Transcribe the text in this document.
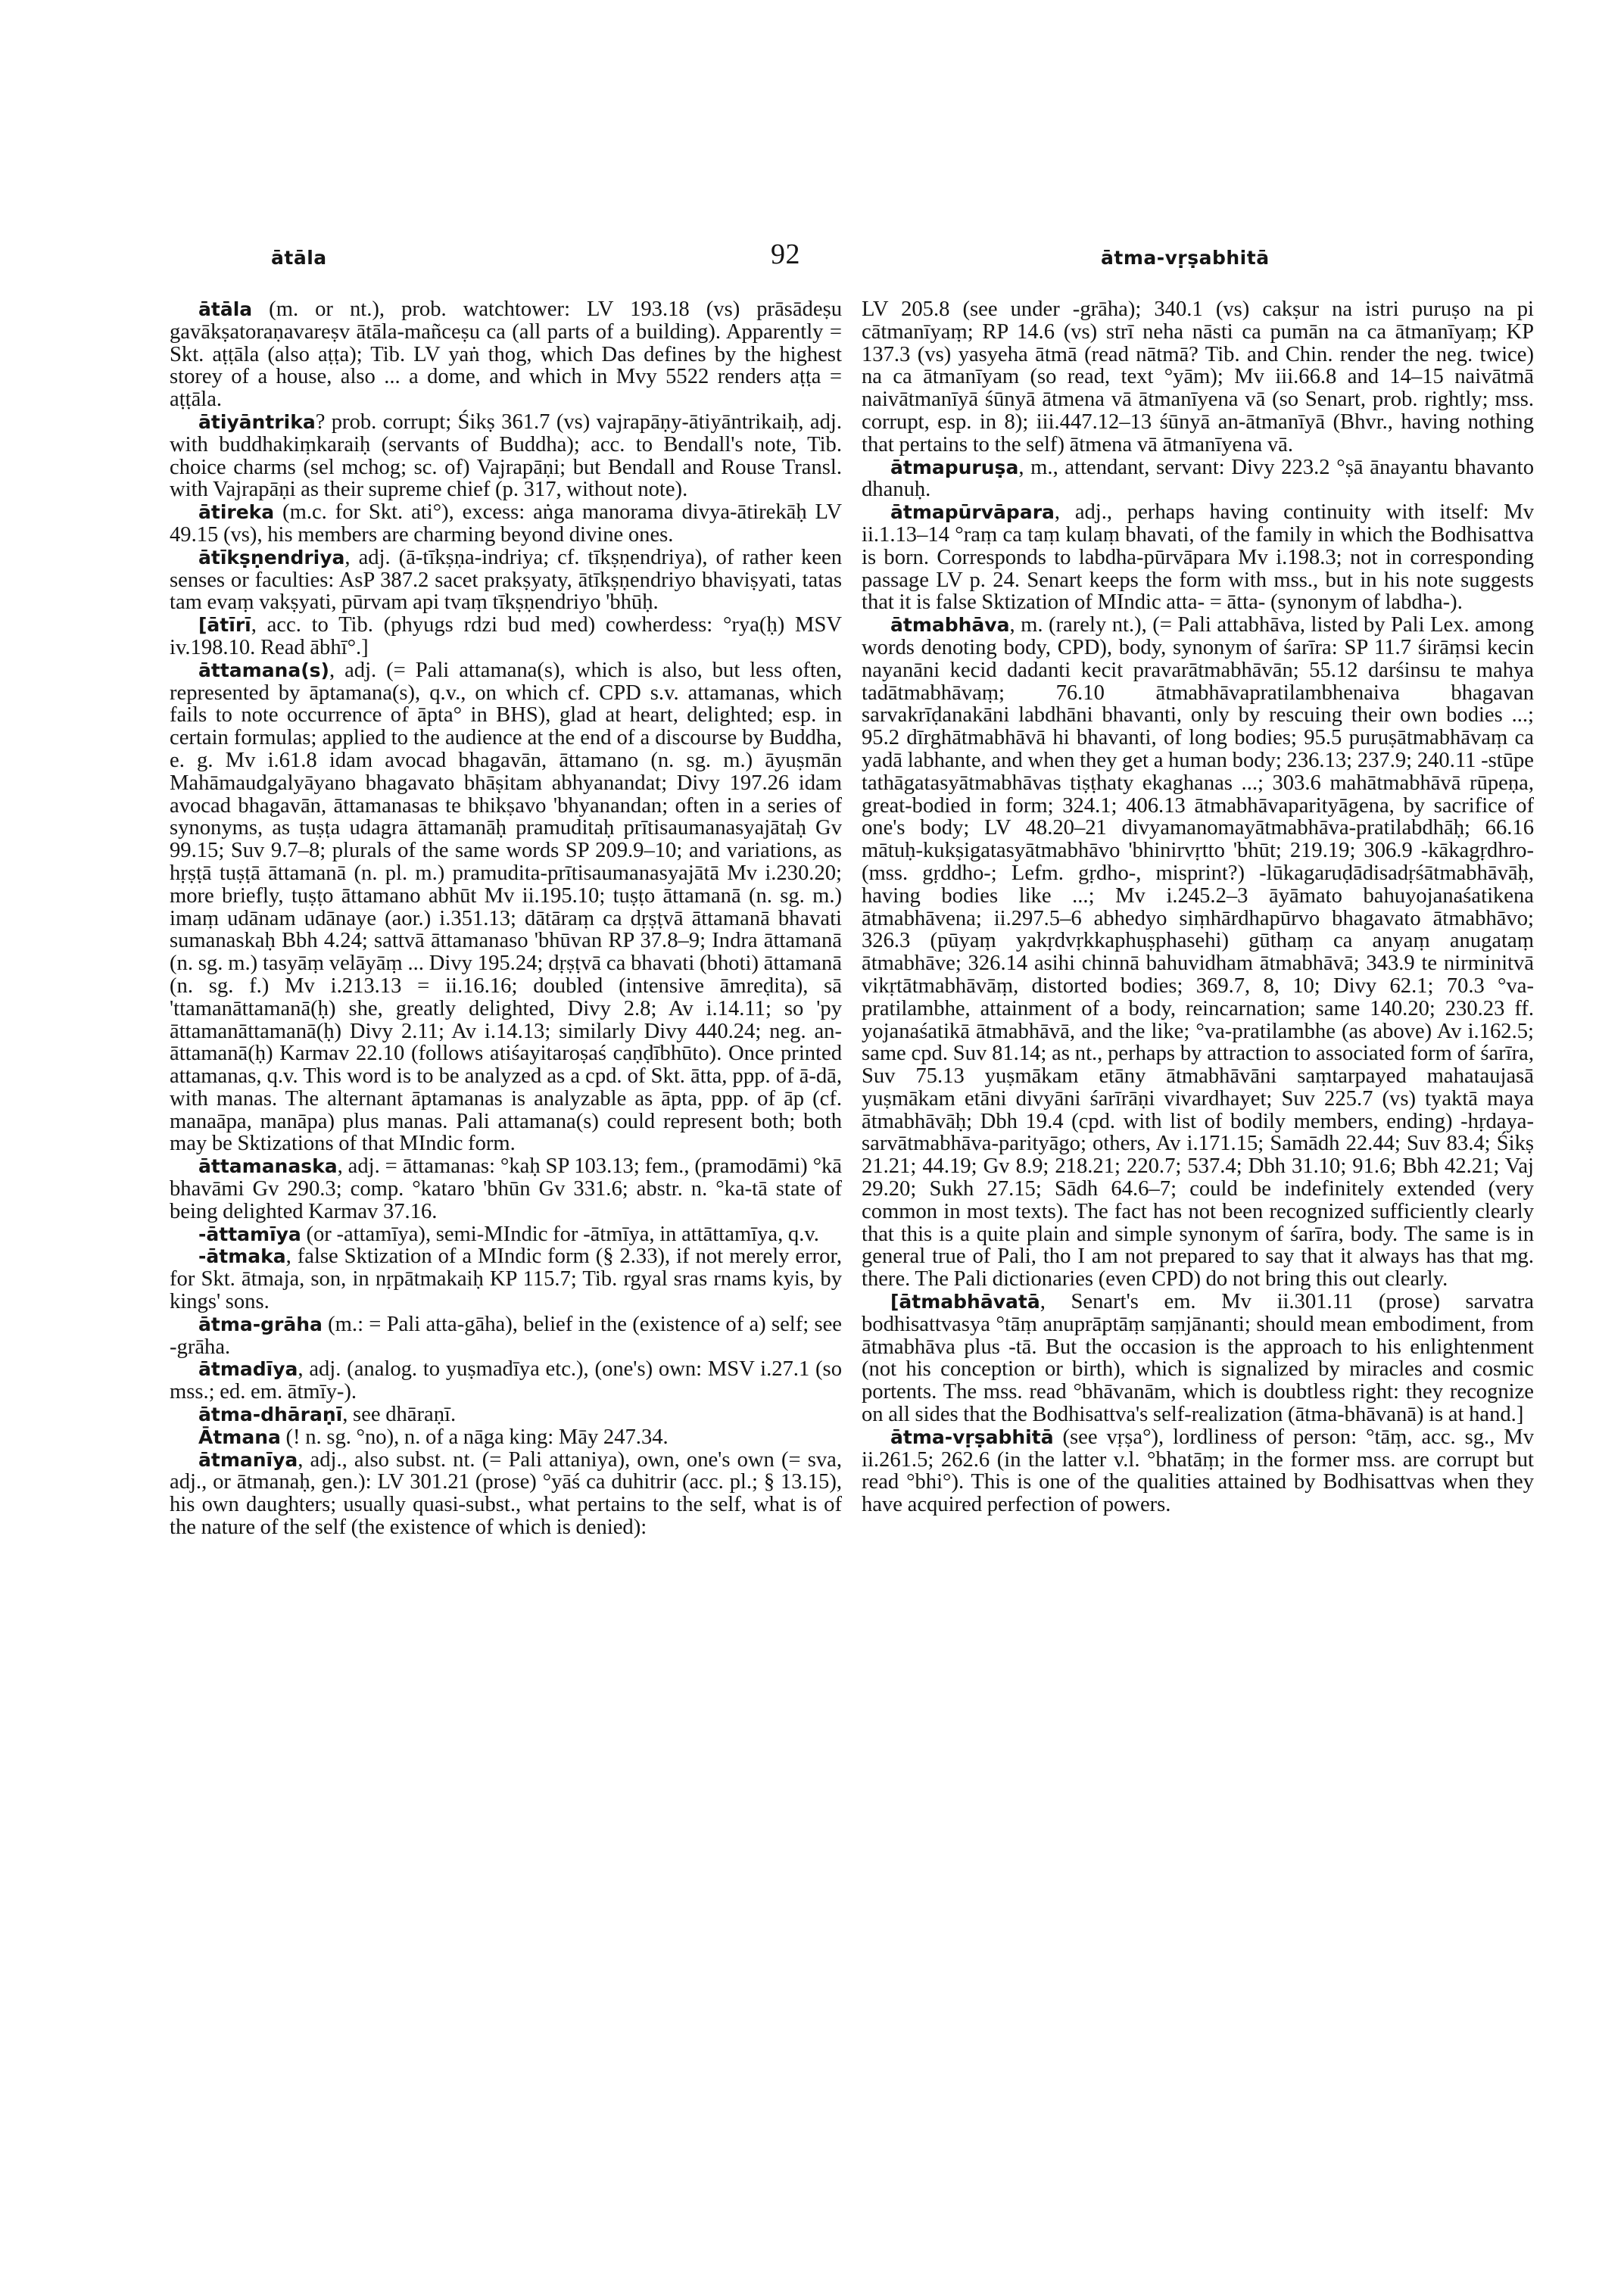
ātāla	92	ātma-vṛṣabhitā

ātāla (m. or nt.), prob. watchtower: LV 193.18 (vs) prāsādeṣu gavākṣatoraṇavareṣv ātāla-mañceṣu ca (all parts of a building). Apparently = Skt. aṭṭāla (also aṭṭa); Tib. LV yaṅ thog, which Das defines by the highest storey of a house, also ... a dome, and which in Mvy 5522 renders aṭṭa = aṭṭāla.

ātiyāntrika? prob. corrupt; Śikṣ 361.7 (vs) vajrapāṇy-ātiyāntrikaiḥ, adj. with buddhakiṃkaraiḥ (servants of Buddha); acc. to Bendall's note, Tib. choice charms (sel mchog; sc. of) Vajrapāṇi; but Bendall and Rouse Transl. with Vajrapāṇi as their supreme chief (p. 317, without note).

ātireka (m.c. for Skt. ati°), excess: aṅga manorama divya-ātirekāḥ LV 49.15 (vs), his members are charming beyond divine ones.

ātīkṣṇendriya, adj. (ā-tīkṣṇa-indriya; cf. tīkṣṇendriya), of rather keen senses or faculties: AsP 387.2 sacet prakṣyaty, ātīkṣṇendriyo bhaviṣyati, tatas tam evaṃ vakṣyati, pūrvam api tvaṃ tīkṣṇendriyo 'bhūḥ.

[ātīrī, acc. to Tib. (phyugs rdzi bud med) cowherdess: °rya(ḥ) MSV iv.198.10. Read ābhī°.]

āttamana(s), adj. (= Pali attamana(s), which is also, but less often, represented by āptamana(s), q.v., on which cf. CPD s.v. attamanas, which fails to note occurrence of āpta° in BHS), glad at heart, delighted; esp. in certain formulas; applied to the audience at the end of a discourse by Buddha, e. g. Mv i.61.8 idam avocad bhagavān, āttamano (n. sg. m.) āyuṣmān Mahāmaudgalyāyano bhagavato bhāṣitam abhyanandat; Divy 197.26 idam avocad bhagavān, āttamanasas te bhikṣavo 'bhyanandan; often in a series of synonyms, as tuṣṭa udagra āttamanāḥ pramuditaḥ prītisaumanasyajātaḥ Gv 99.15; Suv 9.7–8; plurals of the same words SP 209.9–10; and variations, as hṛṣṭā tuṣṭā āttamanā (n. pl. m.) pramudita-prītisaumanasyajātā Mv i.230.20; more briefly, tuṣṭo āttamano abhūt Mv ii.195.10; tuṣṭo āttamanā (n. sg. m.) imaṃ udānam udānaye (aor.) i.351.13; dātāraṃ ca dṛṣṭvā āttamanā bhavati sumanaskaḥ Bbh 4.24; sattvā āttamanaso 'bhūvan RP 37.8–9; Indra āttamanā (n. sg. m.) tasyāṃ velāyāṃ ... Divy 195.24; dṛṣṭvā ca bhavati (bhoti) āttamanā (n. sg. f.) Mv i.213.13 = ii.16.16; doubled (intensive āmreḍita), sā 'ttamanāttamanā(ḥ) she, greatly delighted, Divy 2.8; Av i.14.11; so 'py āttamanāttamanā(ḥ) Divy 2.11; Av i.14.13; similarly Divy 440.24; neg. an-āttamanā(ḥ) Karmav 22.10 (follows atiśayitaroṣaś caṇḍībhūto). Once printed attamanas, q.v. This word is to be analyzed as a cpd. of Skt. ātta, ppp. of ā-dā, with manas. The alternant āptamanas is analyzable as āpta, ppp. of āp (cf. manaāpa, manāpa) plus manas. Pali attamana(s) could represent both; both may be Sktizations of that MIndic form.

āttamanaska, adj. = āttamanas: °kaḥ SP 103.13; fem., (pramodāmi) °kā bhavāmi Gv 290.3; comp. °kataro 'bhūn Gv 331.6; abstr. n. °ka-tā state of being delighted Karmav 37.16.

-āttamīya (or -attamīya), semi-MIndic for -ātmīya, in attāttamīya, q.v.

-ātmaka, false Sktization of a MIndic form (§ 2.33), if not merely error, for Skt. ātmaja, son, in nṛpātmakaiḥ KP 115.7; Tib. rgyal sras rnams kyis, by kings' sons.

ātma-grāha (m.: = Pali atta-gāha), belief in the (existence of a) self; see -grāha.

ātmadīya, adj. (analog. to yuṣmadīya etc.), (one's) own: MSV i.27.1 (so mss.; ed. em. ātmīy-).

ātma-dhāraṇī, see dhāraṇī.

Ātmana (! n. sg. °no), n. of a nāga king: Māy 247.34.

ātmanīya, adj., also subst. nt. (= Pali attaniya), own, one's own (= sva, adj., or ātmanaḥ, gen.): LV 301.21 (prose) °yāś ca duhitrir (acc. pl.; § 13.15), his own daughters; usually quasi-subst., what pertains to the self, what is of the nature of the self (the existence of which is denied):

LV 205.8 (see under -grāha); 340.1 (vs) cakṣur na istri puruṣo na pi cātmanīyaṃ; RP 14.6 (vs) strī neha nāsti ca pumān na ca ātmanīyaṃ; KP 137.3 (vs) yasyeha ātmā (read nātmā? Tib. and Chin. render the neg. twice) na ca ātmanīyam (so read, text °yām); Mv iii.66.8 and 14–15 naivātmā naivātmanīyā śūnyā ātmena vā ātmanīyena vā (so Senart, prob. rightly; mss. corrupt, esp. in 8); iii.447.12–13 śūnyā an-ātmanīyā (Bhvr., having nothing that pertains to the self) ātmena vā ātmanīyena vā.

ātmapuruṣa, m., attendant, servant: Divy 223.2 °ṣā ānayantu bhavanto dhanuḥ.

ātmapūrvāpara, adj., perhaps having continuity with itself: Mv ii.1.13–14 °raṃ ca taṃ kulaṃ bhavati, of the family in which the Bodhisattva is born. Corresponds to labdha-pūrvāpara Mv i.198.3; not in corresponding passage LV p. 24. Senart keeps the form with mss., but in his note suggests that it is false Sktization of MIndic atta- = ātta- (synonym of labdha-).

ātmabhāva, m. (rarely nt.), (= Pali attabhāva, listed by Pali Lex. among words denoting body, CPD), body, synonym of śarīra: SP 11.7 śirāṃsi kecin nayanāni kecid dadanti kecit pravarātmabhāvān; 55.12 darśinsu te mahya tadātmabhāvaṃ; 76.10 ātmabhāvapratilambhenaiva bhagavan sarvakrīḍanakāni labdhāni bhavanti, only by rescuing their own bodies ...; 95.2 dīrghātmabhāvā hi bhavanti, of long bodies; 95.5 puruṣātmabhāvaṃ ca yadā labhante, and when they get a human body; 236.13; 237.9; 240.11 -stūpe tathāgatasyātmabhāvas tiṣṭhaty ekaghanas ...; 303.6 mahātmabhāvā rūpeṇa, great-bodied in form; 324.1; 406.13 ātmabhāvaparityāgena, by sacrifice of one's body; LV 48.20–21 divyamanomayātmabhāva-pratilabdhāḥ; 66.16 mātuḥ-kukṣigatasyātmabhāvo 'bhinirvṛtto 'bhūt; 219.19; 306.9 -kākagṛdhro- (mss. gṛddho-; Lefm. gṛdho-, misprint?) -lūkagaruḍādisadṛśātmabhāvāḥ, having bodies like ...; Mv i.245.2–3 āyāmato bahuyojanaśatikena ātmabhāvena; ii.297.5–6 abhedyo siṃhārdhapūrvo bhagavato ātmabhāvo; 326.3 (pūyaṃ yakṛdvṛkkaphuṣphasehi) gūthaṃ ca anyaṃ anugataṃ ātmabhāve; 326.14 asihi chinnā bahuvidham ātmabhāvā; 343.9 te nirminitvā vikṛtātmabhāvāṃ, distorted bodies; 369.7, 8, 10; Divy 62.1; 70.3 °va-pratilambhe, attainment of a body, reincarnation; same 140.20; 230.23 ff. yojanaśatikā ātmabhāvā, and the like; °va-pratilambhe (as above) Av i.162.5; same cpd. Suv 81.14; as nt., perhaps by attraction to associated form of śarīra, Suv 75.13 yuṣmākam etāny ātmabhāvāni saṃtarpayed mahataujasā yuṣmākam etāni divyāni śarīrāṇi vivardhayet; Suv 225.7 (vs) tyaktā maya ātmabhāvāḥ; Dbh 19.4 (cpd. with list of bodily members, ending) -hṛdaya-sarvātmabhāva-parityāgo; others, Av i.171.15; Samādh 22.44; Suv 83.4; Śikṣ 21.21; 44.19; Gv 8.9; 218.21; 220.7; 537.4; Dbh 31.10; 91.6; Bbh 42.21; Vaj 29.20; Sukh 27.15; Sādh 64.6–7; could be indefinitely extended (very common in most texts). The fact has not been recognized sufficiently clearly that this is a quite plain and simple synonym of śarīra, body. The same is in general true of Pali, tho I am not prepared to say that it always has that mg. there. The Pali dictionaries (even CPD) do not bring this out clearly.

[ātmabhāvatā, Senart's em. Mv ii.301.11 (prose) sarvatra bodhisattvasya °tāṃ anuprāptāṃ saṃjānanti; should mean embodiment, from ātmabhāva plus -tā. But the occasion is the approach to his enlightenment (not his conception or birth), which is signalized by miracles and cosmic portents. The mss. read °bhāvanām, which is doubtless right: they recognize on all sides that the Bodhisattva's self-realization (ātma-bhāvanā) is at hand.]

ātma-vṛṣabhitā (see vṛṣa°), lordliness of person: °tāṃ, acc. sg., Mv ii.261.5; 262.6 (in the latter v.l. °bhatāṃ; in the former mss. are corrupt but read °bhi°). This is one of the qualities attained by Bodhisattvas when they have acquired perfection of powers.
